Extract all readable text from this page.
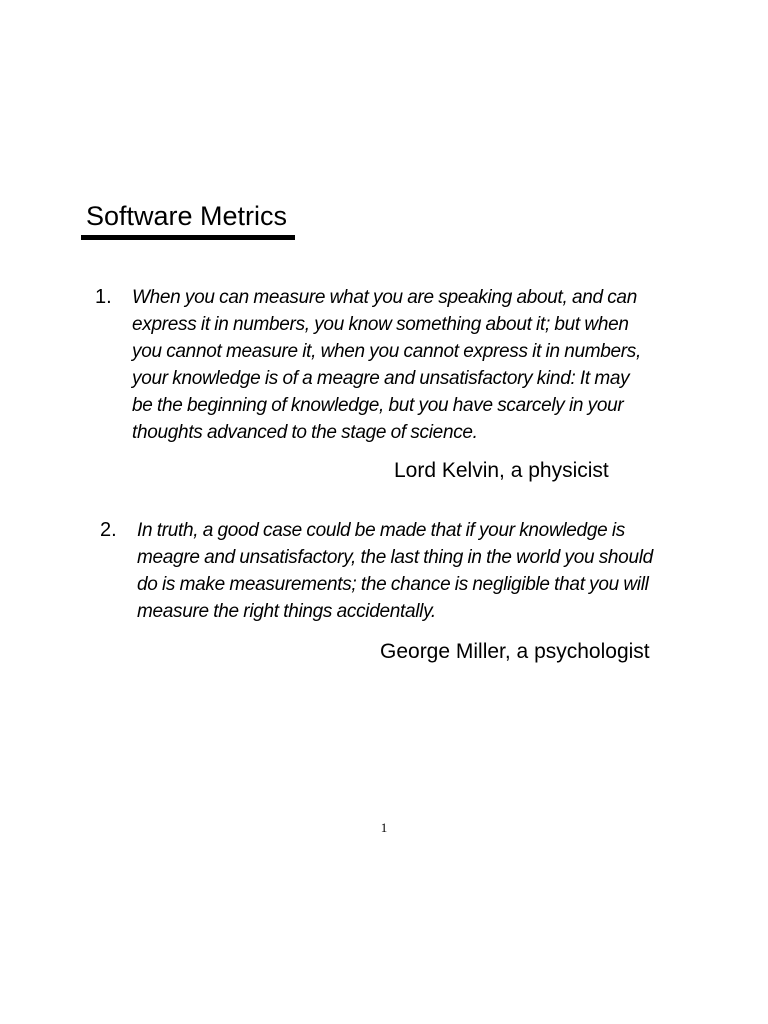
Software Metrics
1. When you can measure what you are speaking about, and can
express it in numbers, you know something about it; but when
you cannot measure it, when you cannot express it in numbers,
your knowledge is of a meagre and unsatisfactory kind: It may
be the beginning of knowledge, but you have scarcely in your
thoughts advanced to the stage of science.
Lord Kelvin, a physicist
2. In truth, a good case could be made that if your knowledge is
meagre and unsatisfactory, the last thing in the world you should
do is make measurements; the chance is negligible that you will
measure the right things accidentally.
George Miller, a psychologist
1
